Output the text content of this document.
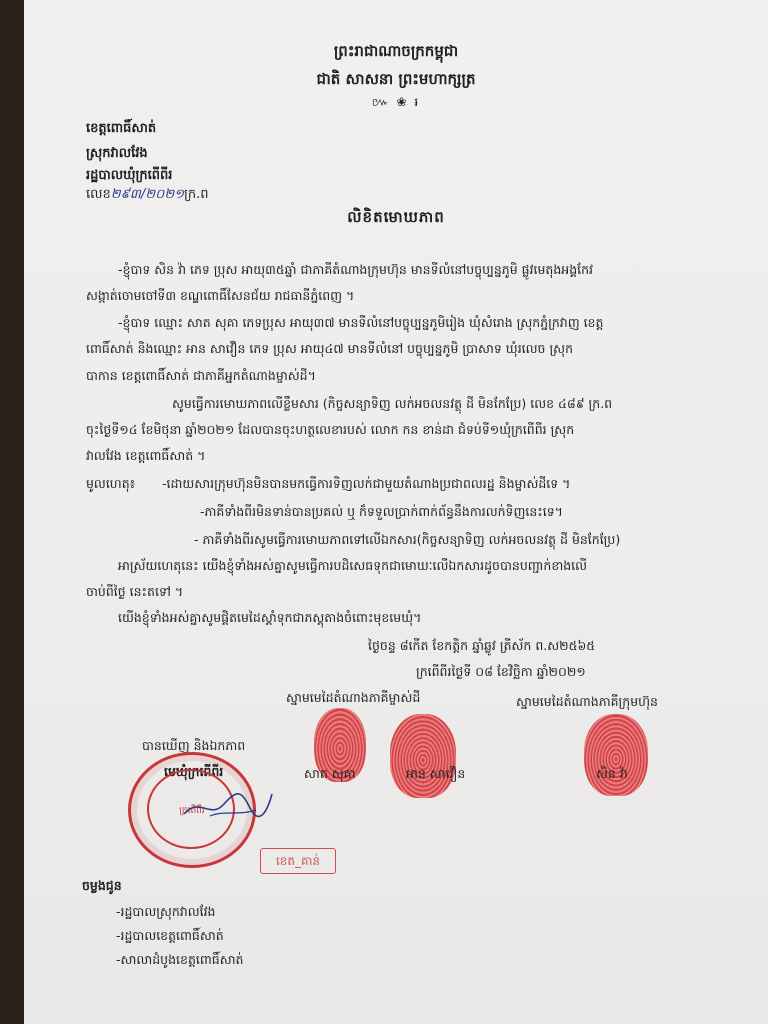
ព្រះរាជាណាចក្រកម្ពុជា
ជាតិ សាសនា ព្រះមហាក្សត្រ
៚ ❀ ៛
ខេត្តពោធិ៍សាត់
ស្រុកវាលវែង
រដ្ឋបាលឃុំក្រពើពីរ
លេខ២៩៣/២០២១ក្រ.ព
លិខិតមោឃភាព
-ខ្ញុំបាទ សិន វ៉ា ភេទ ប្រុស អាយុ៣៥ឆ្នាំ ជាភាគីតំណាងក្រុមហ៊ុន មានទីលំនៅបច្ចុប្បន្នភូមិ ផ្លូវមេតុងអង្គកែវ
សង្កាត់ចោមចៅទី៣ ខណ្ឌពោធិ៍សែនជ័យ រាជធានីភ្នំពេញ ។
-ខ្ញុំបាទ ឈ្មោះ សាត សុគា ភេទប្រុស អាយុ៣៧ មានទីលំនៅបច្ចុប្បន្នភូមិរៀង ឃុំសំរោង ស្រុកភ្នំក្រវាញ ខេត្ត
ពោធិ៍សាត់ និងឈ្មោះ អាន សាវឿន ភេទ ប្រុស អាយុ៤៧ មានទីលំនៅ បច្ចុប្បន្នភូមិ ប្រាសាទ ឃុំរលេច ស្រុក
បាកាន ខេត្តពោធិ៍សាត់ ជាភាគីអ្នកតំណាងម្ចាស់ដី។
សូមធ្វើការមោឃភាពលើខ្លឹមសារ (កិច្ចសន្យាទិញ លក់អចលនវត្ថុ ដី មិនកែប្រែ) លេខ ៤៨៩ ក្រ.ព
ចុះថ្ងៃទី១៤ ខែមិថុនា ឆ្នាំ២០២១ ដែលបានចុះហត្ថលេខារបស់ លោក កន ខាន់ដា ជំទប់ទី១ឃុំក្រពើពីរ ស្រុក
វាលវែង ខេត្តពោធិ៍សាត់ ។
មូលហេតុ៖ -ដោយសារក្រុមហ៊ុនមិនបានមកធ្វើការទិញលក់ជាមួយតំណាងប្រជាពលរដ្ឋ និងម្ចាស់ដីទេ ។
-ភាគីទាំងពីរមិនទាន់បានប្រគល់ ឬ ក៏ទទួលប្រាក់ពាក់ព័ន្ធនឹងការលក់ទិញនេះទេ។
- ភាគីទាំងពីរសូមធ្វើការមោឃភាពទៅលើឯកសារ(កិច្ចសន្យាទិញ លក់អចលនវត្ថុ ដី មិនកែប្រែ)
អាស្រ័យហេតុនេះ យើងខ្ញុំទាំងអស់គ្នាសូមធ្វើការបដិសេធទុកជាមោឃៈលើឯកសារដូចបានបញ្ជាក់ខាងលើ
ចាប់ពីថ្ងៃ នេះតទៅ ។
យើងខ្ញុំទាំងអស់គ្នាសូមផ្តិតមេដៃស្តាំទុកជាភស្តុតាងចំពោះមុខមេឃុំ។
ថ្ងៃចន្ទ ៨កើត ខែកត្តិក ឆ្នាំឆ្លូវ ត្រីស័ក ព.ស២៥៦៥
ក្រពើពីរថ្ងៃទី ០៨ ខែវិច្ឆិកា ឆ្នាំ២០២១
ស្នាមមេដៃតំណាងភាគីម្ចាស់ដី	ស្នាមមេដៃតំណាងភាគីក្រុមហ៊ុន
បានឃើញ និងឯកភាព
មេឃុំក្រពើពីរ
ក្រពើពីរ
ខេត_គាន់
សាត សុគា	អាន សាវឿន	សិន វ៉ា
ចម្លងជូន
-រដ្ឋបាលស្រុកវាលវែង
-រដ្ឋបាលខេត្តពោធិ៍សាត់
-សាលាដំបូងខេត្តពោធិ៍សាត់
